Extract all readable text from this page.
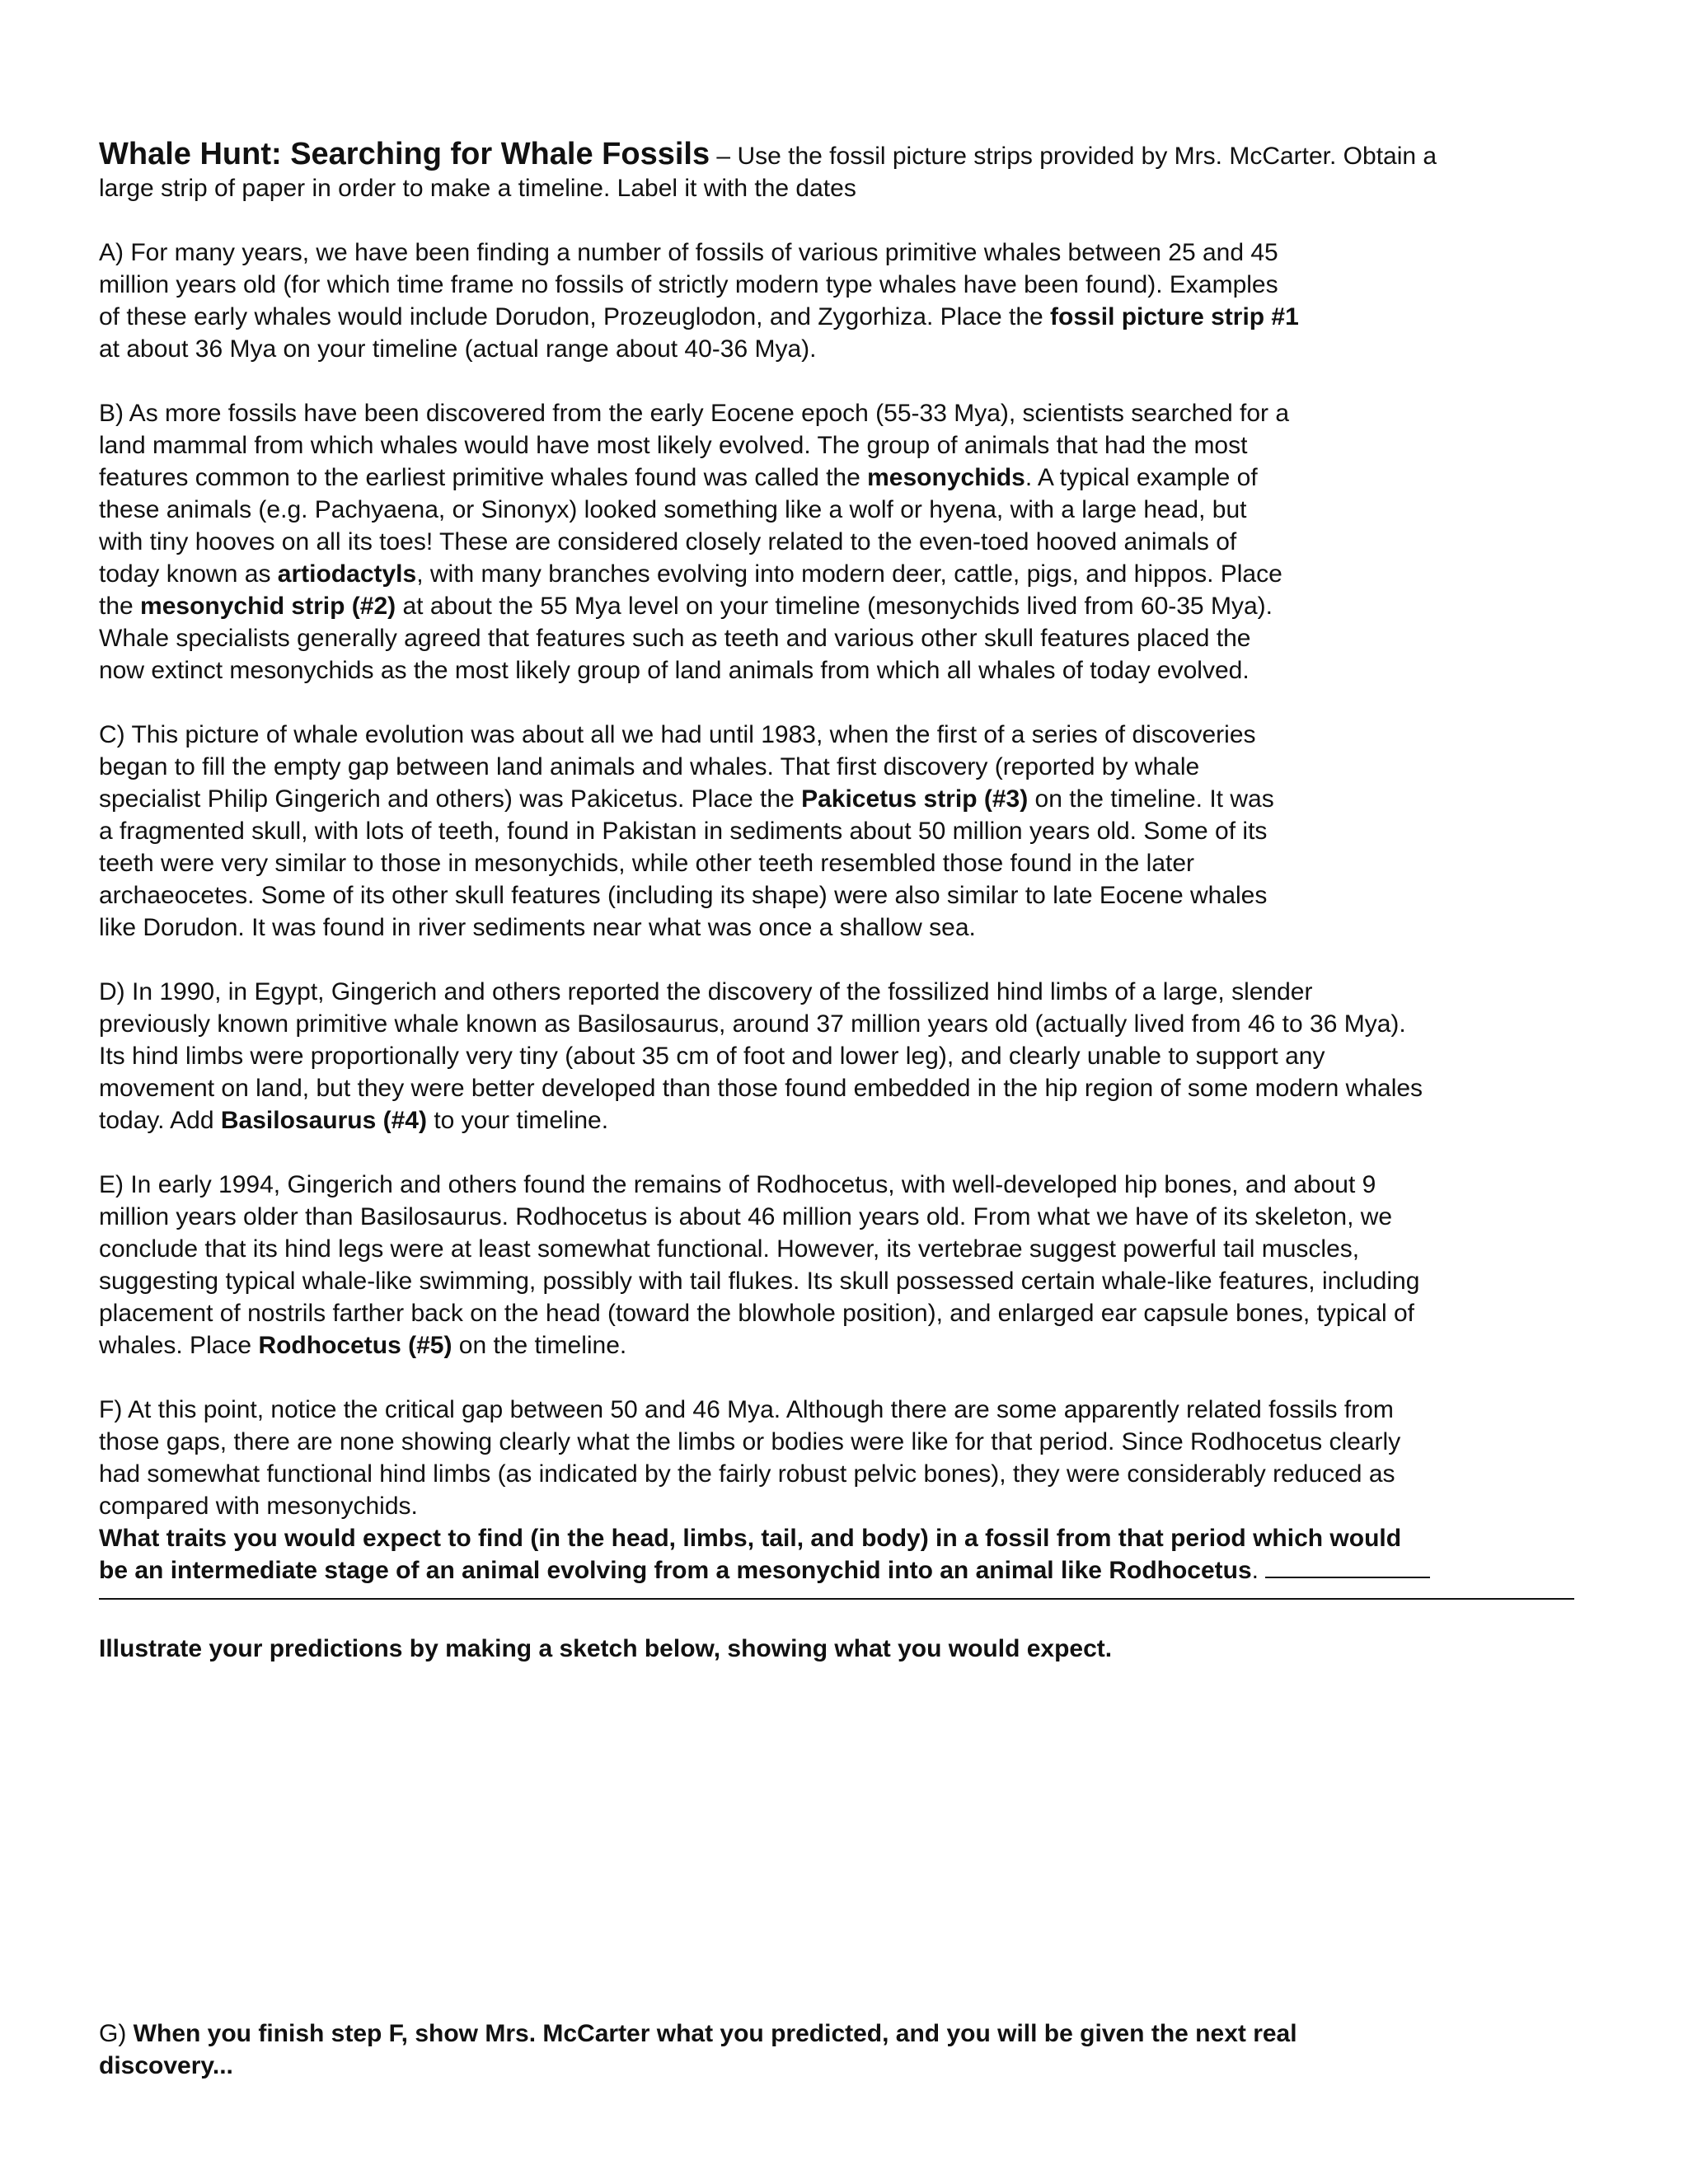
Whale Hunt: Searching for Whale Fossils – Use the fossil picture strips provided by Mrs. McCarter. Obtain a
large strip of paper in order to make a timeline. Label it with the dates
A) For many years, we have been finding a number of fossils of various primitive whales between 25 and 45
million years old (for which time frame no fossils of strictly modern type whales have been found). Examples
of these early whales would include Dorudon, Prozeuglodon, and Zygorhiza. Place the fossil picture strip #1
at about 36 Mya on your timeline (actual range about 40-36 Mya).
B) As more fossils have been discovered from the early Eocene epoch (55-33 Mya), scientists searched for a
land mammal from which whales would have most likely evolved. The group of animals that had the most
features common to the earliest primitive whales found was called the mesonychids. A typical example of
these animals (e.g. Pachyaena, or Sinonyx) looked something like a wolf or hyena, with a large head, but
with tiny hooves on all its toes! These are considered closely related to the even-toed hooved animals of
today known as artiodactyls, with many branches evolving into modern deer, cattle, pigs, and hippos. Place
the mesonychid strip (#2) at about the 55 Mya level on your timeline (mesonychids lived from 60-35 Mya).
Whale specialists generally agreed that features such as teeth and various other skull features placed the
now extinct mesonychids as the most likely group of land animals from which all whales of today evolved.
C) This picture of whale evolution was about all we had until 1983, when the first of a series of discoveries
began to fill the empty gap between land animals and whales. That first discovery (reported by whale
specialist Philip Gingerich and others) was Pakicetus. Place the Pakicetus strip (#3) on the timeline. It was
a fragmented skull, with lots of teeth, found in Pakistan in sediments about 50 million years old. Some of its
teeth were very similar to those in mesonychids, while other teeth resembled those found in the later
archaeocetes. Some of its other skull features (including its shape) were also similar to late Eocene whales
like Dorudon. It was found in river sediments near what was once a shallow sea.
D) In 1990, in Egypt, Gingerich and others reported the discovery of the fossilized hind limbs of a large, slender
previously known primitive whale known as Basilosaurus, around 37 million years old (actually lived from 46 to 36 Mya).
Its hind limbs were proportionally very tiny (about 35 cm of foot and lower leg), and clearly unable to support any
movement on land, but they were better developed than those found embedded in the hip region of some modern whales
today. Add Basilosaurus (#4) to your timeline.
E) In early 1994, Gingerich and others found the remains of Rodhocetus, with well-developed hip bones, and about 9
million years older than Basilosaurus. Rodhocetus is about 46 million years old. From what we have of its skeleton, we
conclude that its hind legs were at least somewhat functional. However, its vertebrae suggest powerful tail muscles,
suggesting typical whale-like swimming, possibly with tail flukes. Its skull possessed certain whale-like features, including
placement of nostrils farther back on the head (toward the blowhole position), and enlarged ear capsule bones, typical of
whales. Place Rodhocetus (#5) on the timeline.
F) At this point, notice the critical gap between 50 and 46 Mya. Although there are some apparently related fossils from
those gaps, there are none showing clearly what the limbs or bodies were like for that period. Since Rodhocetus clearly
had somewhat functional hind limbs (as indicated by the fairly robust pelvic bones), they were considerably reduced as
compared with mesonychids.
What traits you would expect to find (in the head, limbs, tail, and body) in a fossil from that period which would
be an intermediate stage of an animal evolving from a mesonychid into an animal like Rodhocetus.
Illustrate your predictions by making a sketch below, showing what you would expect.
G) When you finish step F, show Mrs. McCarter what you predicted, and you will be given the next real
discovery...
